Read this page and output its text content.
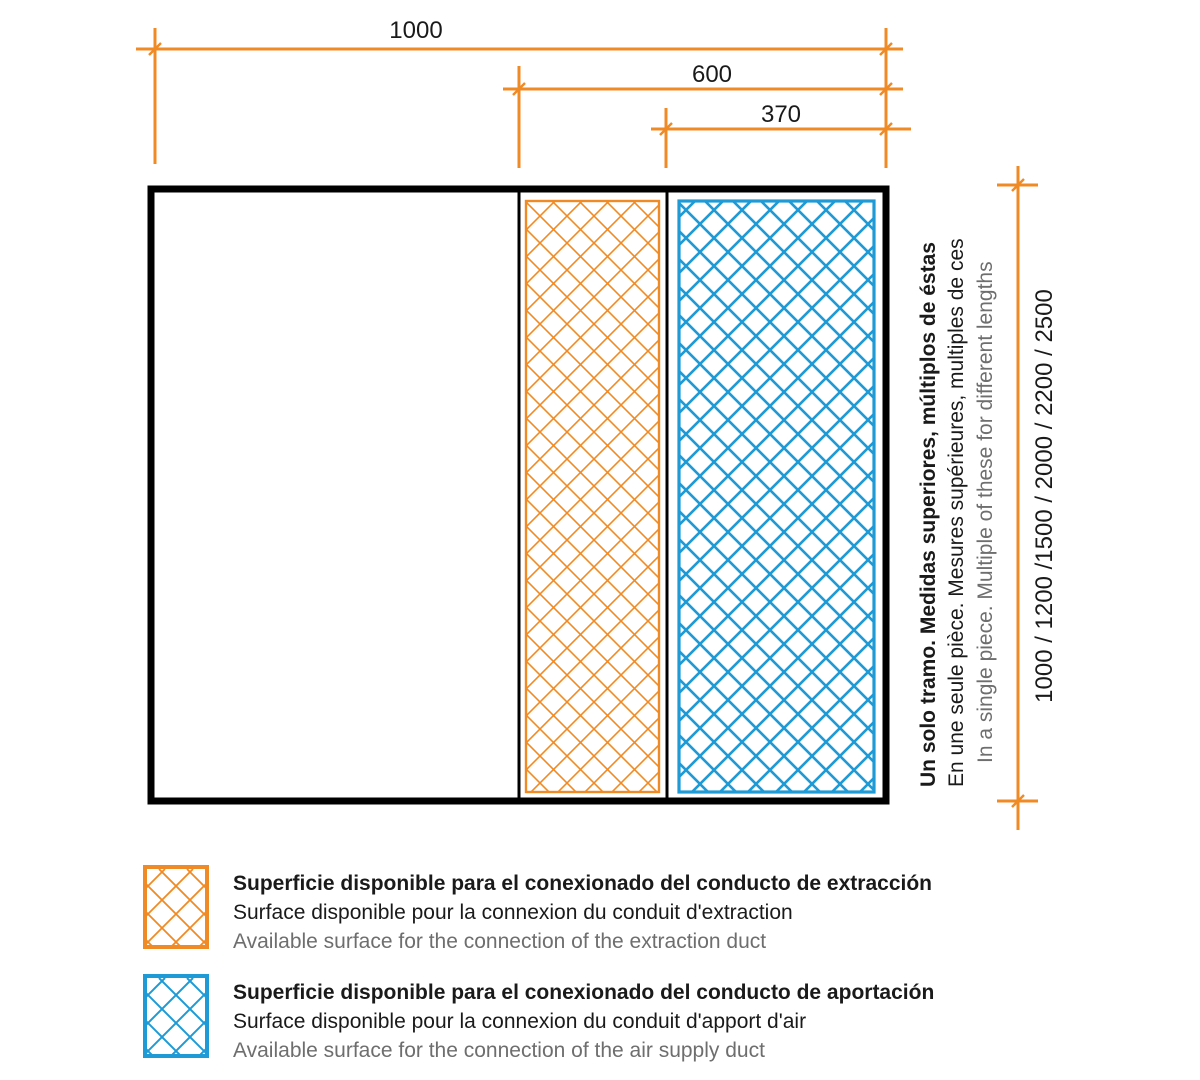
1000
600
370
1000 / 1200 /1500 / 2000 / 2200 / 2500
Un solo tramo. Medidas superiores, múltiplos de éstas En une seule pièce. Mesures supérieures, multiples de ces In a single piece. Multiple of these for different lengths
Superficie disponible para el conexionado del conducto de extracción
Surface disponible pour la connexion du conduit d'extraction
Available surface for the connection of the extraction duct
Superficie disponible para el conexionado del conducto de aportación
Surface disponible pour la connexion du conduit d'apport d'air
Available surface for the connection of the air supply duct
